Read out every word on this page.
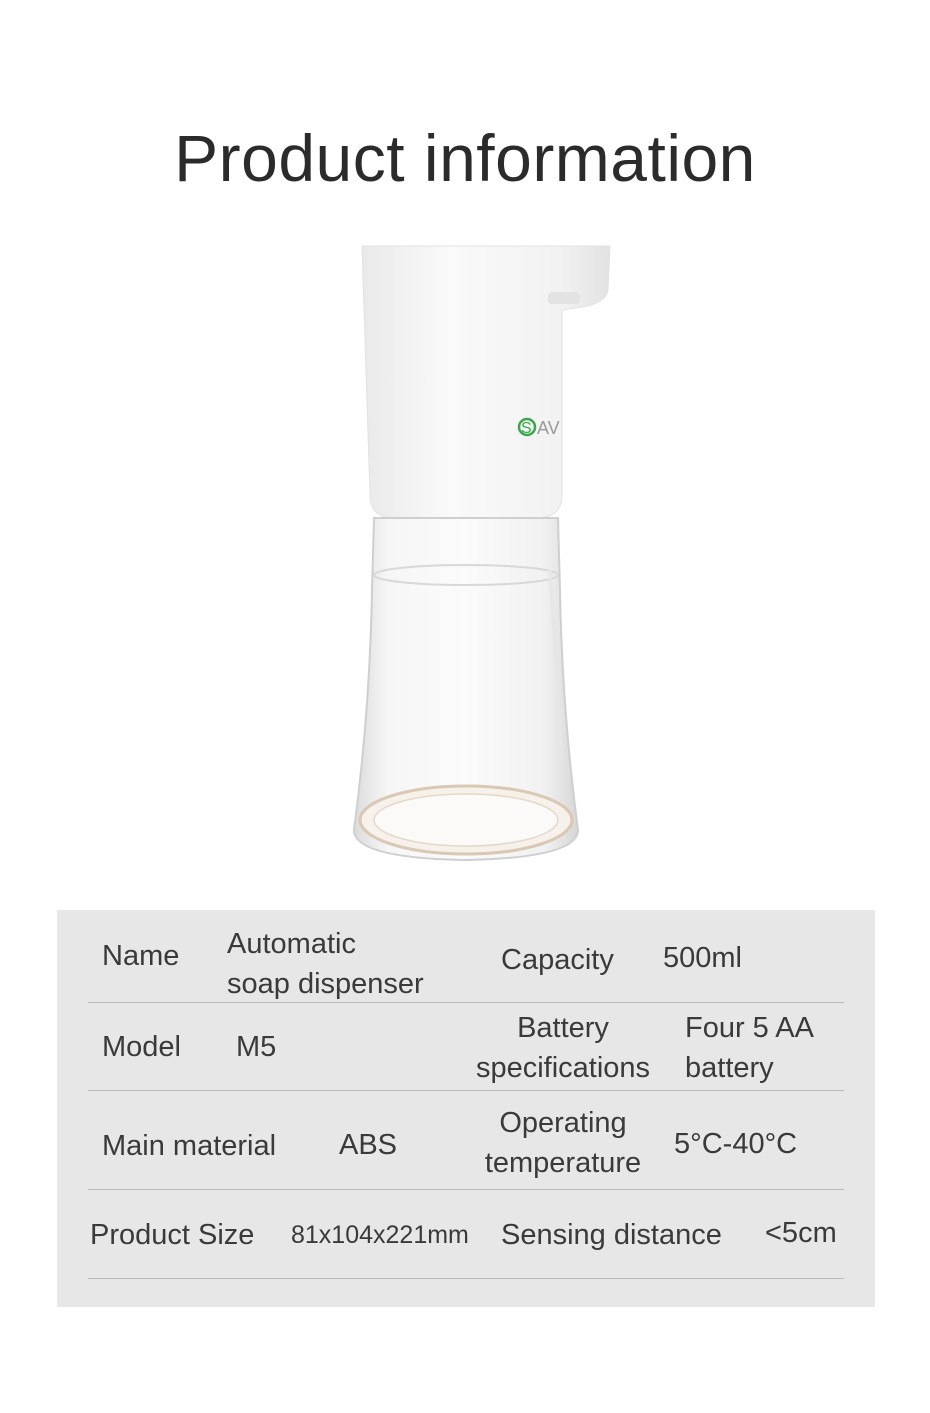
Product information
S AV
Name Automatic
soap dispenser
Capacity 500ml
Model M5
Battery
specifications
Four 5 AA
battery
Main material ABS
Operating
temperature
5°C-40°C
Product Size 81x104x221mm Sensing distance <5cm
